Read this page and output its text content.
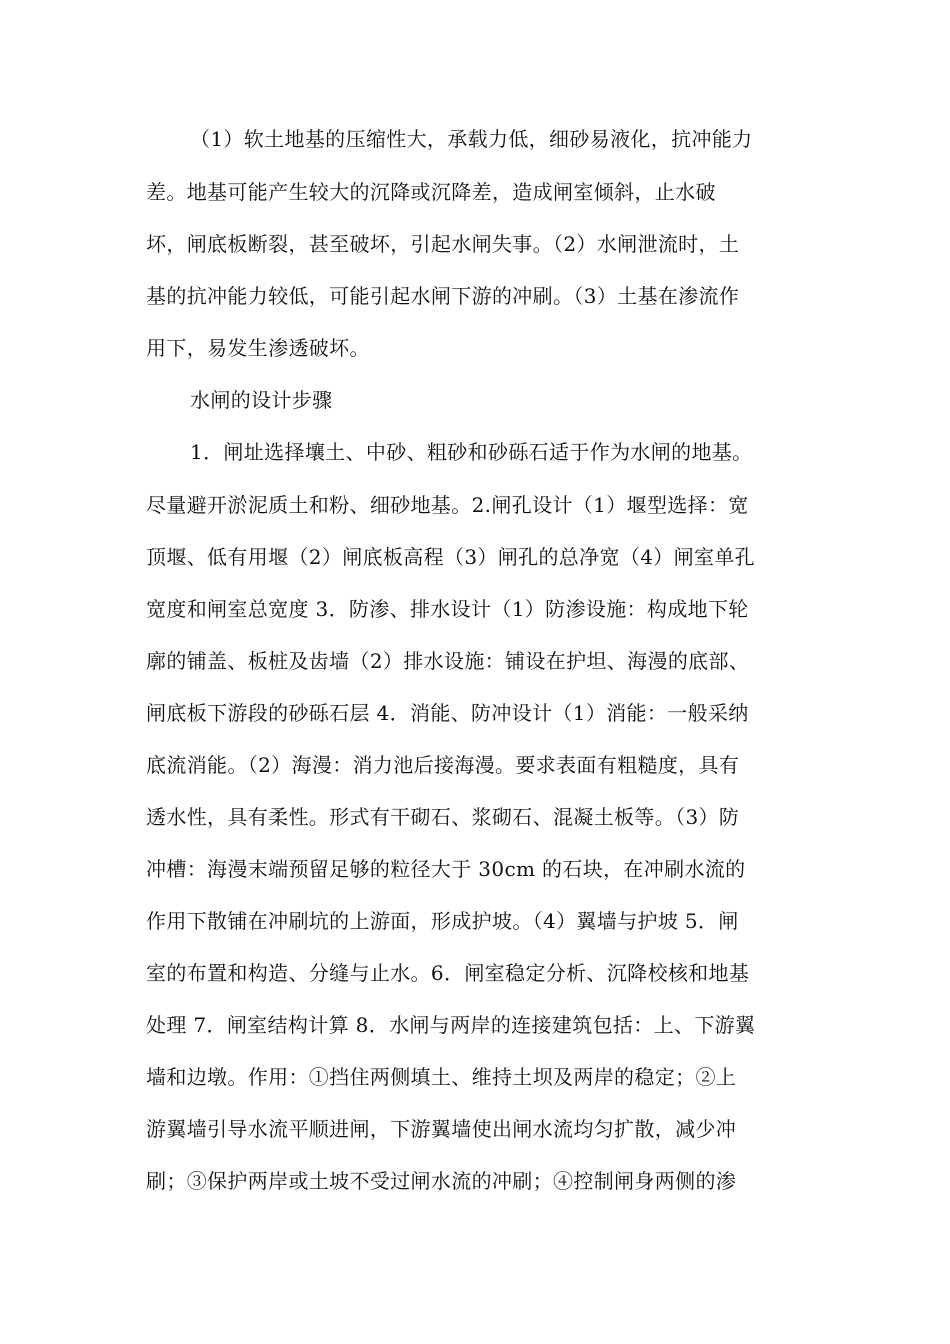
（1）软土地基的压缩性大，承载力低，细砂易液化，抗冲能力
差。地基可能产生较大的沉降或沉降差，造成闸室倾斜，止水破
坏，闸底板断裂，甚至破坏，引起水闸失事。（2）水闸泄流时，土
基的抗冲能力较低，可能引起水闸下游的冲刷。（3）土基在渗流作
用下，易发生渗透破坏。
水闸的设计步骤
1．闸址选择壤土、中砂、粗砂和砂砾石适于作为水闸的地基。
尽量避开淤泥质土和粉、细砂地基。2.闸孔设计（1）堰型选择：宽
顶堰、低有用堰（2）闸底板高程（3）闸孔的总净宽（4）闸室单孔
宽度和闸室总宽度 3．防渗、排水设计（1）防渗设施：构成地下轮
廓的铺盖、板桩及齿墙（2）排水设施：铺设在护坦、海漫的底部、
闸底板下游段的砂砾石层 4．消能、防冲设计（1）消能：一般采纳
底流消能。（2）海漫：消力池后接海漫。要求表面有粗糙度，具有
透水性，具有柔性。形式有干砌石、浆砌石、混凝土板等。（3）防
冲槽：海漫末端预留足够的粒径大于 30cm 的石块，在冲刷水流的
作用下散铺在冲刷坑的上游面，形成护坡。（4）翼墙与护坡 5．闸
室的布置和构造、分缝与止水。6．闸室稳定分析、沉降校核和地基
处理 7．闸室结构计算 8．水闸与两岸的连接建筑包括：上、下游翼
墙和边墩。作用：①挡住两侧填土、维持土坝及两岸的稳定；②上
游翼墙引导水流平顺进闸，下游翼墙使出闸水流均匀扩散，减少冲
刷；③保护两岸或土坡不受过闸水流的冲刷；④控制闸身两侧的渗
